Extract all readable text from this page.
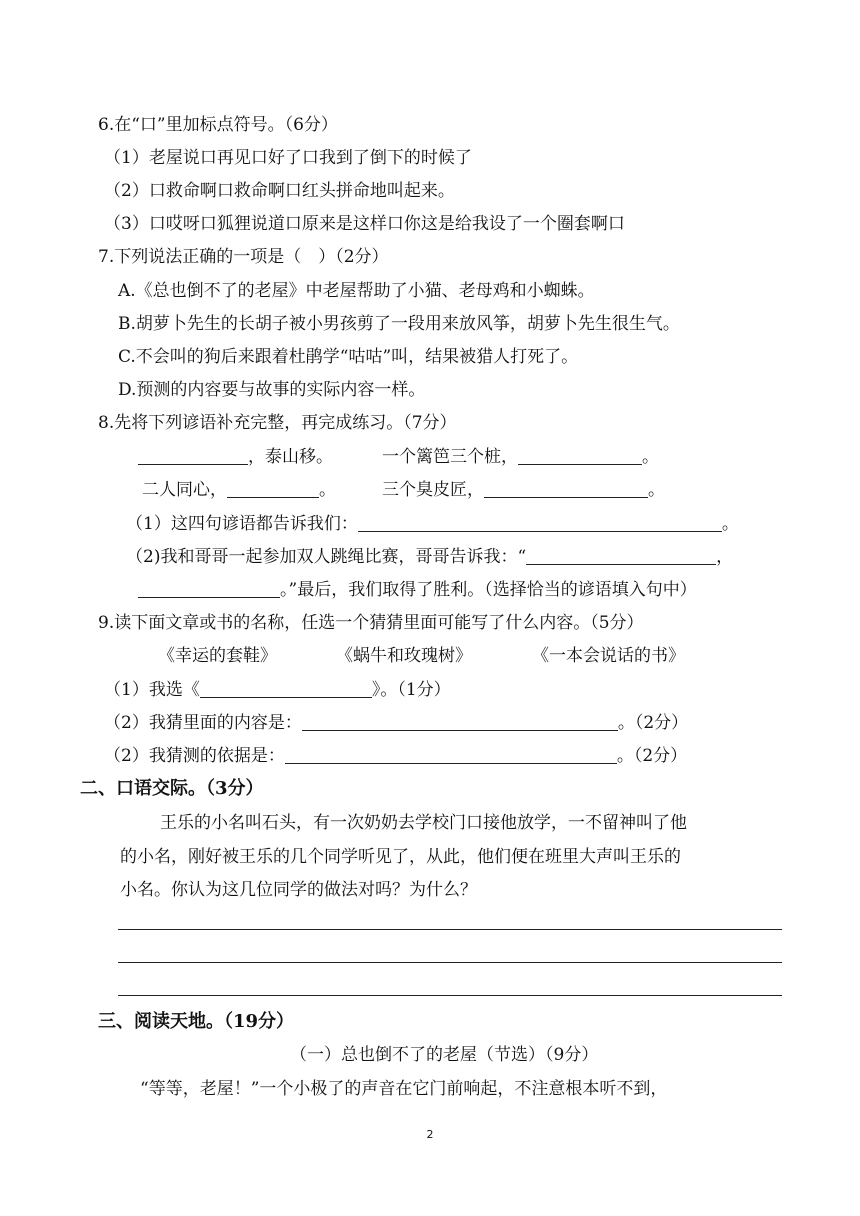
6.在“口”里加标点符号。（6分）
（1）老屋说口再见口好了口我到了倒下的时候了
（2）口救命啊口救命啊口红头拼命地叫起来。
（3）口哎呀口狐狸说道口原来是这样口你这是给我设了一个圈套啊口
7.下列说法正确的一项是（　）（2分）
A.《总也倒不了的老屋》中老屋帮助了小猫、老母鸡和小蜘蛛。
B.胡萝卜先生的长胡子被小男孩剪了一段用来放风筝，胡萝卜先生很生气。
C.不会叫的狗后来跟着杜鹃学“咕咕”叫，结果被猎人打死了。
D.预测的内容要与故事的实际内容一样。
8.先将下列谚语补充完整，再完成练习。（7分）
，泰山移。	一个篱笆三个桩，	。
二人同心，	。	三个臭皮匠，	。
（1）这四句谚语都告诉我们：	。
（2)我和哥哥一起参加双人跳绳比赛，哥哥告诉我：“	，
。”最后，我们取得了胜利。（选择恰当的谚语填入句中）
9.读下面文章或书的名称，任选一个猜猜里面可能写了什么内容。（5分）
《幸运的套鞋》	《蜗牛和玫瑰树》	《一本会说话的书》
（1）我选《	》。（1分）
（2）我猜里面的内容是：	。（2分）
（2）我猜测的依据是：	。（2分）
二、口语交际。（3分）
王乐的小名叫石头，有一次奶奶去学校门口接他放学，一不留神叫了他
的小名，刚好被王乐的几个同学听见了，从此，他们便在班里大声叫王乐的
小名。你认为这几位同学的做法对吗？为什么？
三、阅读天地。（19分）
（一）总也倒不了的老屋（节选）（9分）
“等等，老屋！”一个小极了的声音在它门前响起，不注意根本听不到，
2
